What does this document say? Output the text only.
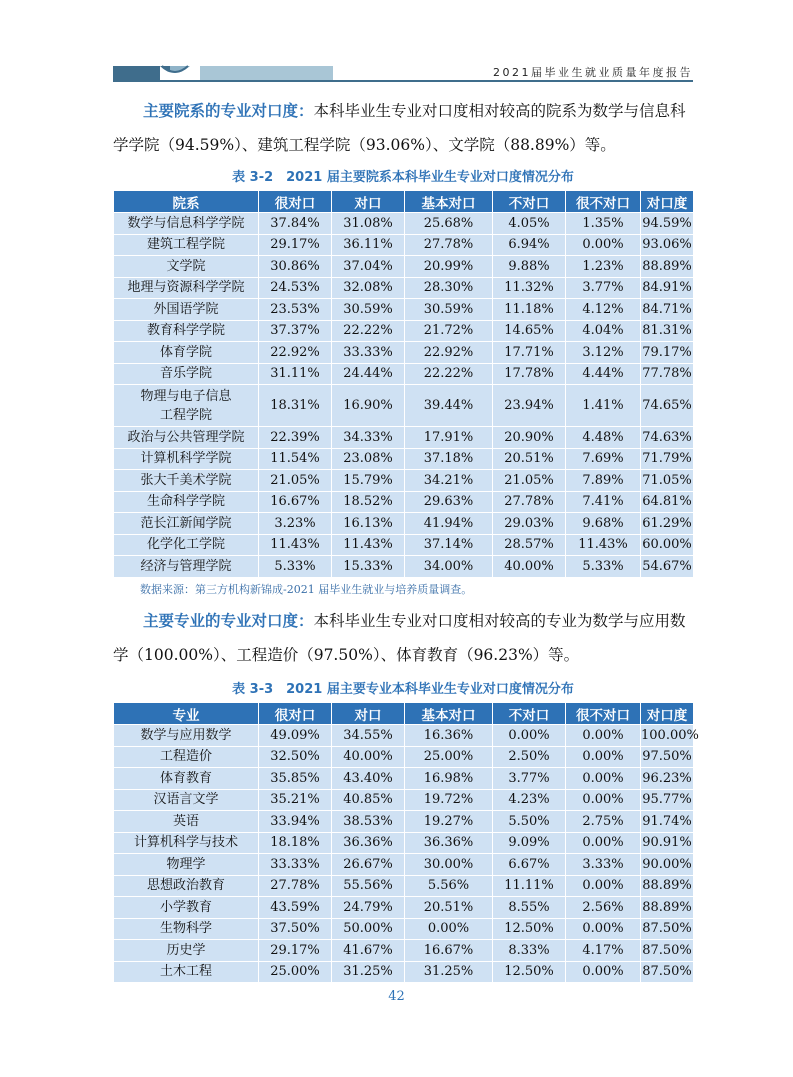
2021届毕业生就业质量年度报告
主要院系的专业对口度：本科毕业生专业对口度相对较高的院系为数学与信息科学学院（94.59%）、建筑工程学院（93.06%）、文学院（88.89%）等。
表 3-2　2021 届主要院系本科毕业生专业对口度情况分布
院系	很对口	对口	基本对口	不对口	很不对口	对口度
数学与信息科学学院	37.84%	31.08%	25.68%	4.05%	1.35%	94.59%
建筑工程学院	29.17%	36.11%	27.78%	6.94%	0.00%	93.06%
文学院	30.86%	37.04%	20.99%	9.88%	1.23%	88.89%
地理与资源科学学院	24.53%	32.08%	28.30%	11.32%	3.77%	84.91%
外国语学院	23.53%	30.59%	30.59%	11.18%	4.12%	84.71%
教育科学学院	37.37%	22.22%	21.72%	14.65%	4.04%	81.31%
体育学院	22.92%	33.33%	22.92%	17.71%	3.12%	79.17%
音乐学院	31.11%	24.44%	22.22%	17.78%	4.44%	77.78%
物理与电子信息工程学院	18.31%	16.90%	39.44%	23.94%	1.41%	74.65%
政治与公共管理学院	22.39%	34.33%	17.91%	20.90%	4.48%	74.63%
计算机科学学院	11.54%	23.08%	37.18%	20.51%	7.69%	71.79%
张大千美术学院	21.05%	15.79%	34.21%	21.05%	7.89%	71.05%
生命科学学院	16.67%	18.52%	29.63%	27.78%	7.41%	64.81%
范长江新闻学院	3.23%	16.13%	41.94%	29.03%	9.68%	61.29%
化学化工学院	11.43%	11.43%	37.14%	28.57%	11.43%	60.00%
经济与管理学院	5.33%	15.33%	34.00%	40.00%	5.33%	54.67%
数据来源：第三方机构新锦成-2021 届毕业生就业与培养质量调查。
主要专业的专业对口度：本科毕业生专业对口度相对较高的专业为数学与应用数学（100.00%）、工程造价（97.50%）、体育教育（96.23%）等。
表 3-3　2021 届主要专业本科毕业生专业对口度情况分布
专业	很对口	对口	基本对口	不对口	很不对口	对口度
数学与应用数学	49.09%	34.55%	16.36%	0.00%	0.00%	100.00%
工程造价	32.50%	40.00%	25.00%	2.50%	0.00%	97.50%
体育教育	35.85%	43.40%	16.98%	3.77%	0.00%	96.23%
汉语言文学	35.21%	40.85%	19.72%	4.23%	0.00%	95.77%
英语	33.94%	38.53%	19.27%	5.50%	2.75%	91.74%
计算机科学与技术	18.18%	36.36%	36.36%	9.09%	0.00%	90.91%
物理学	33.33%	26.67%	30.00%	6.67%	3.33%	90.00%
思想政治教育	27.78%	55.56%	5.56%	11.11%	0.00%	88.89%
小学教育	43.59%	24.79%	20.51%	8.55%	2.56%	88.89%
生物科学	37.50%	50.00%	0.00%	12.50%	0.00%	87.50%
历史学	29.17%	41.67%	16.67%	8.33%	4.17%	87.50%
土木工程	25.00%	31.25%	31.25%	12.50%	0.00%	87.50%
42
